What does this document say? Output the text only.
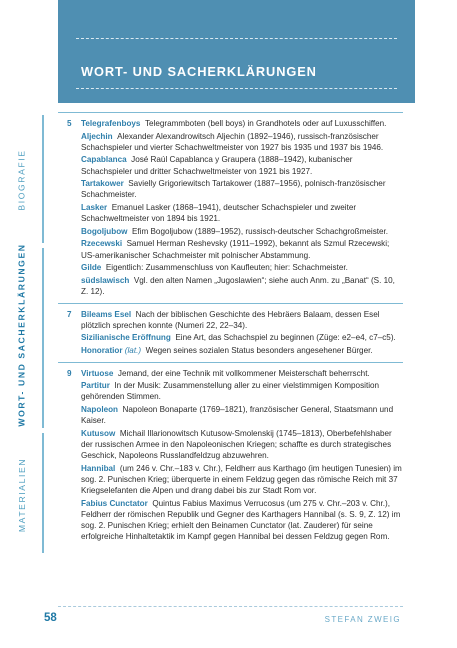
BIOGRAFIE
WORT- UND SACHERKLÄRUNGEN
MATERIALIEN
WORT- UND SACHERKLÄRUNGEN
5	Telegrafenboys Telegrammboten (bell boys) in Grandhotels oder auf Luxusschiffen.
Aljechin Alexander Alexandrowitsch Aljechin (1892–1946), russisch-französischer Schachspieler und vierter Schachweltmeister von 1927 bis 1935 und 1937 bis 1946.
Capablanca José Raúl Capablanca y Graupera (1888–1942), kubanischer Schachspieler und dritter Schachweltmeister von 1921 bis 1927.
Tartakower Savielly Grigoriewitsch Tartakower (1887–1956), polnisch-französischer Schachmeister.
Lasker Emanuel Lasker (1868–1941), deutscher Schachspieler und zweiter Schachweltmeister von 1894 bis 1921.
Bogoljubow Efim Bogoljubow (1889–1952), russisch-deutscher Schachgroßmeister.
Rzecewski Samuel Herman Reshevsky (1911–1992), bekannt als Szmul Rzecewski; US-amerikanischer Schachmeister mit polnischer Abstammung.
Gilde Eigentlich: Zusammenschluss von Kaufleuten; hier: Schachmeister.
südslawisch Vgl. den alten Namen „Jugoslawien“; siehe auch Anm. zu „Banat“ (S. 10, Z. 12).
7	Bileams Esel Nach der biblischen Geschichte des Hebräers Balaam, dessen Esel plötzlich sprechen konnte (Numeri 22, 22–34).
Sizilianische Eröffnung Eine Art, das Schachspiel zu beginnen (Züge: e2–e4, c7–c5).
Honoratior (lat.) Wegen seines sozialen Status besonders angesehener Bürger.
9	Virtuose Jemand, der eine Technik mit vollkommener Meisterschaft beherrscht.
Partitur In der Musik: Zusammenstellung aller zu einer vielstimmigen Komposition gehörenden Stimmen.
Napoleon Napoleon Bonaparte (1769–1821), französischer General, Staatsmann und Kaiser.
Kutusow Michail Illarionowitsch Kutusow-Smolenskij (1745–1813), Oberbefehlshaber der russischen Armee in den Napoleonischen Kriegen; schaffte es durch strategisches Geschick, Napoleons Russlandfeldzug abzuwehren.
Hannibal (um 246 v. Chr.–183 v. Chr.), Feldherr aus Karthago (im heutigen Tunesien) im sog. 2. Punischen Krieg; überquerte in einem Feldzug gegen das römische Reich mit 37 Kriegselefanten die Alpen und drang dabei bis zur Stadt Rom vor.
Fabius Cunctator Quintus Fabius Maximus Verrucosus (um 275 v. Chr.–203 v. Chr.), Feldherr der römischen Republik und Gegner des Karthagers Hannibal (s. S. 9, Z. 12) im sog. 2. Punischen Krieg; erhielt den Beinamen Cunctator (lat. Zauderer) für seine erfolgreiche Hinhaltetaktik im Kampf gegen Hannibal bei dessen Feldzug gegen Rom.
58	STEFAN ZWEIG
